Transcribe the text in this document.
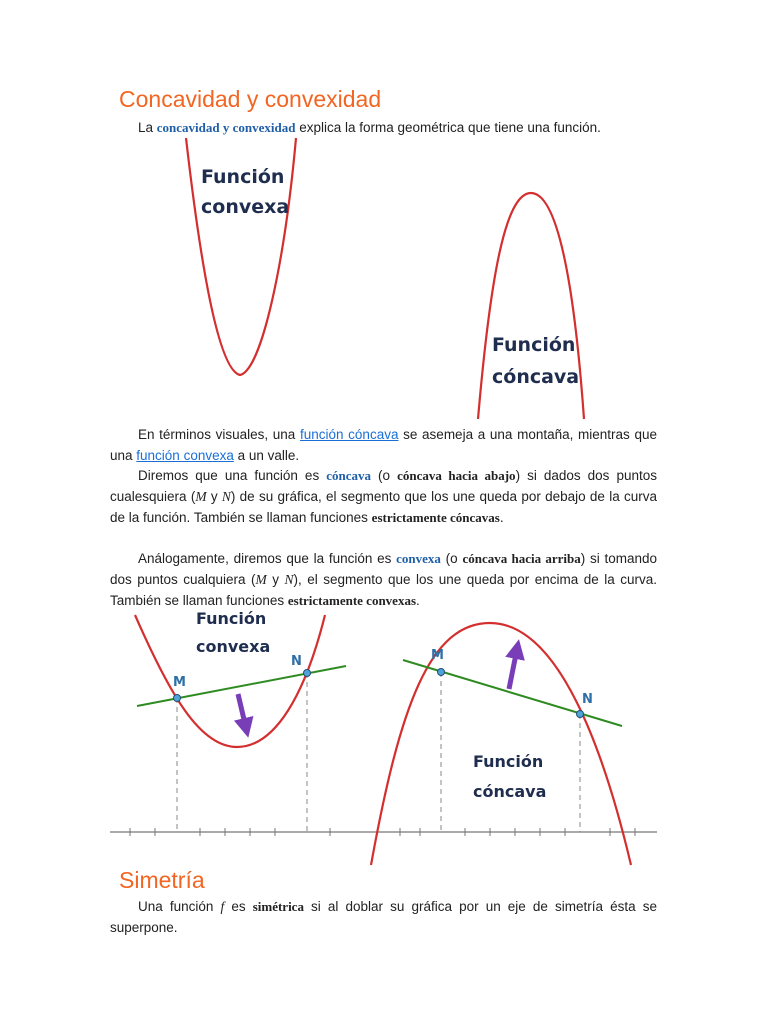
Concavidad y convexidad

La concavidad y convexidad explica la forma geométrica que tiene una función.

Función
convexa
Función
cóncava

En términos visuales, una función cóncava se asemeja a una montaña, mientras que una función convexa a un valle.

Diremos que una función es cóncava (o cóncava hacia abajo) si dados dos puntos cualesquiera (M y N) de su gráfica, el segmento que los une queda por debajo de la curva de la función. También se llaman funciones estrictamente cóncavas.

Análogamente, diremos que la función es convexa (o cóncava hacia arriba) si tomando dos puntos cualquiera (M y N), el segmento que los une queda por encima de la curva. También se llaman funciones estrictamente convexas.

M
N
Función
convexa	M
N
Función
cóncava
Simetría

Una función f es simétrica si al doblar su gráfica por un eje de simetría ésta se superpone.
